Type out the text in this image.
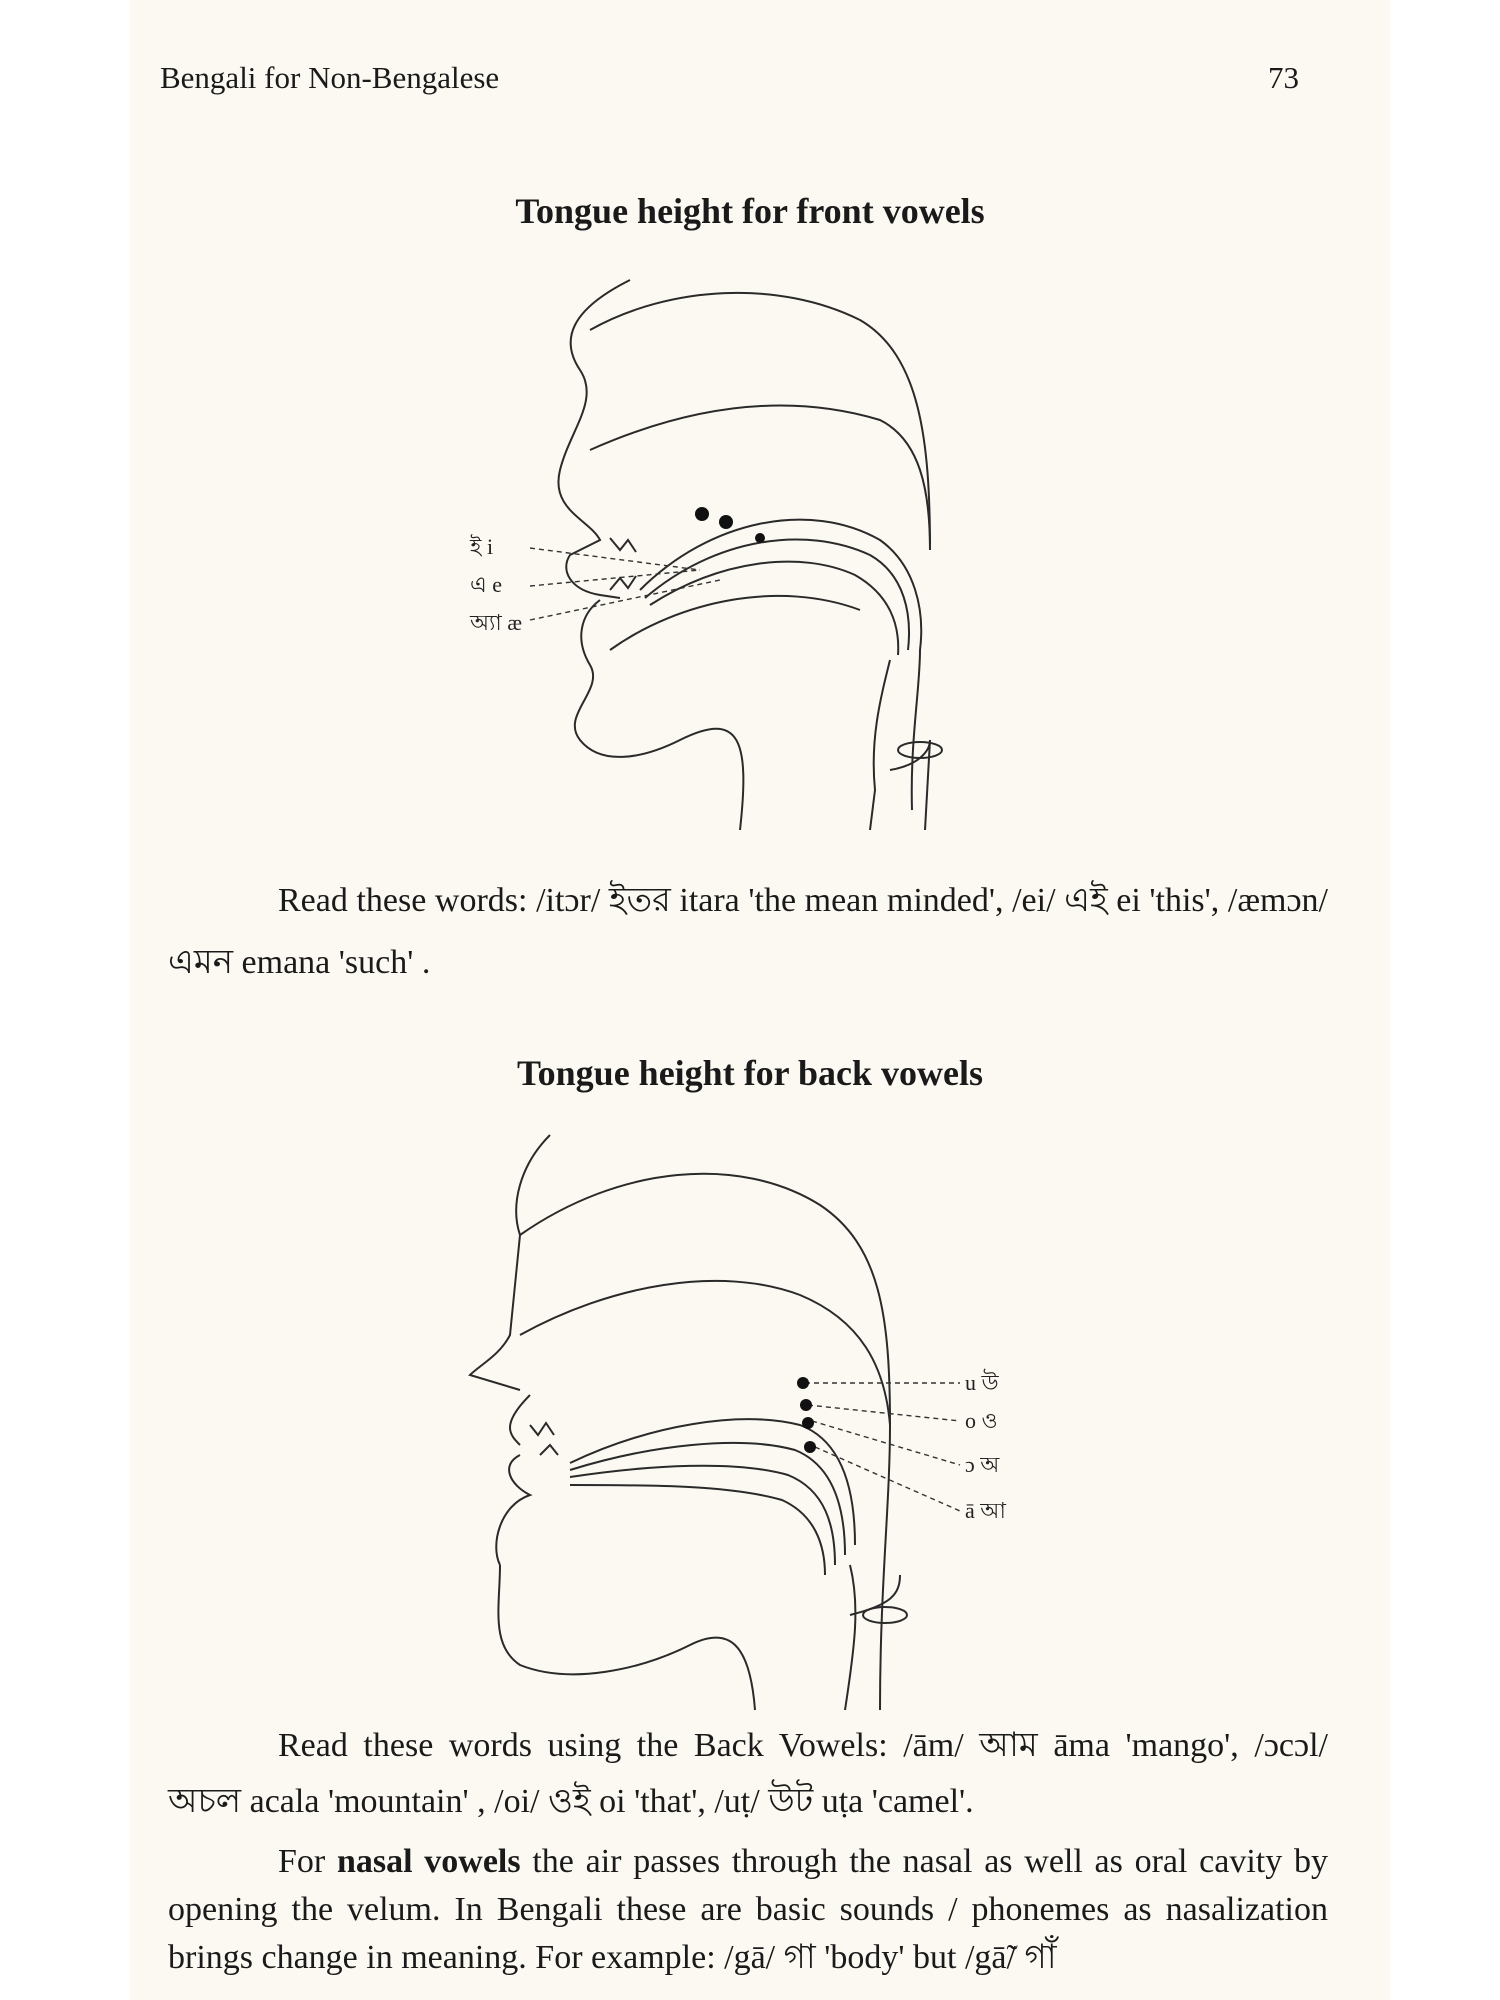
Bengali for Non-Bengalese	73
Tongue height for front vowels
ই i
এ e
অ্যা æ
Read these words: /itɔr/ ইতর itara 'the mean minded', /ei/ এই ei 'this', /æmɔn/ এমন emana 'such' .
Tongue height for back vowels
u উ
o ও
ɔ অ
ā আ
Read these words using the Back Vowels: /ām/ আম āma 'mango', /ɔcɔl/ অচল acala 'mountain' , /oi/ ওই oi 'that', /uṭ/ উট uṭa 'camel'.
For nasal vowels the air passes through the nasal as well as oral cavity by opening the velum. In Bengali these are basic sounds / phonemes as nasalization brings change in meaning. For example: /gā/ গা 'body' but /gā̃/ গাঁ
